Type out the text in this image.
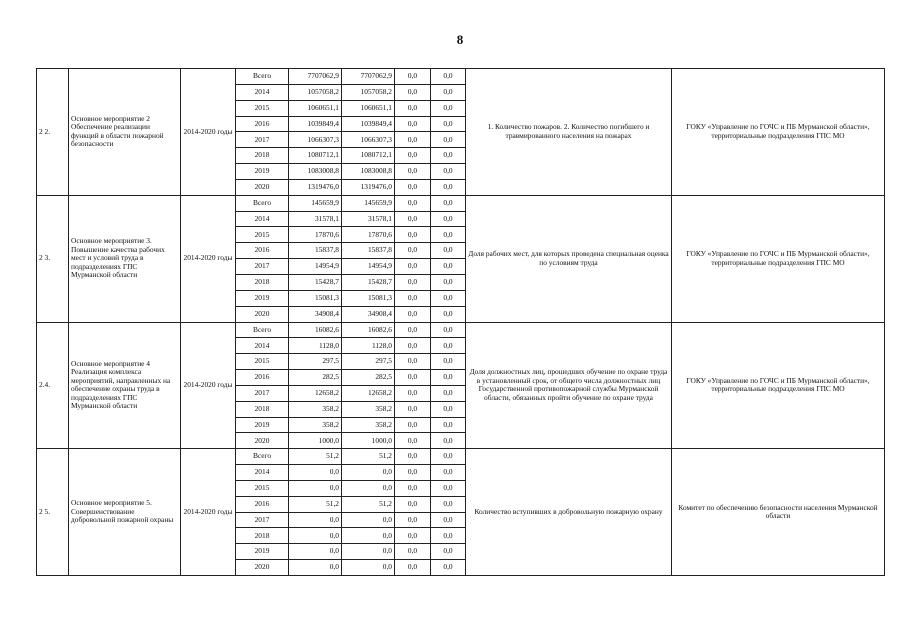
8
2 2.	Основное мероприятие 2 Обеспечение реализации функций в области пожарной безопасности	2014-2020 годы	Всего	7707062,9	7707062,9	0,0	0,0	1. Количество пожаров. 2. Количество погибшего и травмированного населения на пожарах	ГОКУ «Управление по ГОЧС и ПБ Мурманской области», территориальные подразделения ГПС МО
			2014	1057058,2	1057058,2	0,0	0,0		
			2015	1060651,1	1060651,1	0,0	0,0		
			2016	1039849,4	1039849,4	0,0	0,0		
			2017	1066307,3	1066307,3	0,0	0,0		
			2018	1080712,1	1080712,1	0,0	0,0		
			2019	1083008,8	1083008,8	0,0	0,0		
			2020	1319476,0	1319476,0	0,0	0,0		
2 3.	Основное мероприятие 3. Повышение качества рабочих мест и условий труда в подразделениях ГПС Мурманской области	2014-2020 годы	Всего	145659,9	145659,9	0,0	0,0	Доля рабочих мест, для которых проведена специальная оценка по условиям труда	ГОКУ «Управление по ГОЧС и ПБ Мурманской области», территориальные подразделения ГПС МО
			2014	31578,1	31578,1	0,0	0,0		
			2015	17870,6	17870,6	0,0	0,0		
			2016	15837,8	15837,8	0,0	0,0		
			2017	14954,9	14954,9	0,0	0,0		
			2018	15428,7	15428,7	0,0	0,0		
			2019	15081,3	15081,3	0,0	0,0		
			2020	34908,4	34908,4	0,0	0,0		
2.4.	Основное мероприятие 4 Реализация комплекса мероприятий, направленных на обеспечение охраны труда в подразделениях ГПС Мурманской области	2014-2020 годы	Всего	16082,6	16082,6	0,0	0,0	Доля должностных лиц, прошедших обучение по охране труда в установленный срок, от общего числа должностных лиц Государственной противопожарной службы Мурманской области, обязанных пройти обучение по охране труда	ГОКУ «Управление по ГОЧС и ПБ Мурманской области», территориальные подразделения ГПС МО
			2014	1128,0	1128,0	0,0	0,0		
			2015	297,5	297,5	0,0	0,0		
			2016	282,5	282,5	0,0	0,0		
			2017	12658,2	12658,2	0,0	0,0		
			2018	358,2	358,2	0,0	0,0		
			2019	358,2	358,2	0,0	0,0		
			2020	1000,0	1000,0	0,0	0,0		
2 5.	Основное мероприятие 5. Совершенствование добровольной пожарной охраны	2014-2020 годы	Всего	51,2	51,2	0,0	0,0	Количество вступивших в добровольную пожарную охрану	Комитет по обеспечению безопасности населения Мурманской области
			2014	0,0	0,0	0,0	0,0		
			2015	0,0	0,0	0,0	0,0		
			2016	51,2	51,2	0,0	0,0		
			2017	0,0	0,0	0,0	0,0		
			2018	0,0	0,0	0,0	0,0		
			2019	0,0	0,0	0,0	0,0		
			2020	0,0	0,0	0,0	0,0		
